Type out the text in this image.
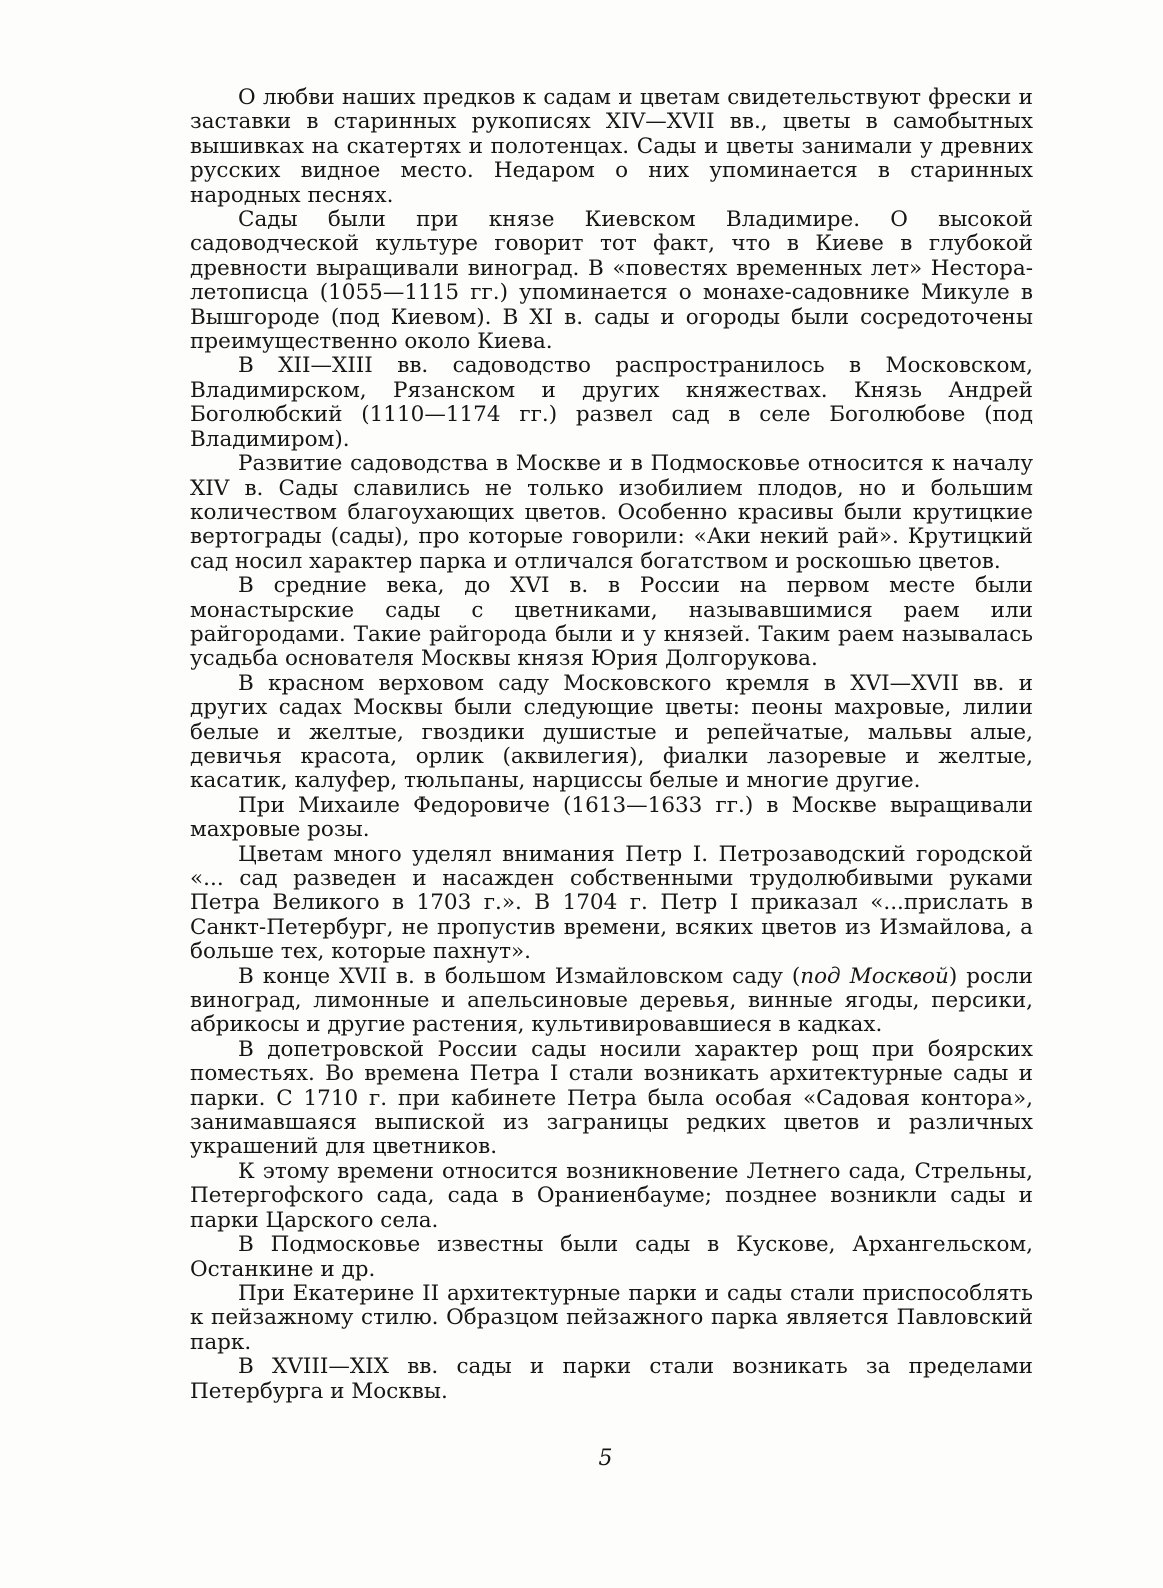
О любви наших предков к садам и цветам свидетельствуют фрески и заставки в старинных рукописях XIV—XVII вв., цветы в самобытных вышивках на скатертях и полотенцах. Сады и цветы занимали у древних русских видное место. Недаром о них упоминается в старинных народных песнях.

Сады были при князе Киевском Владимире. О высокой садоводческой культуре говорит тот факт, что в Киеве в глубокой древности выращивали виноград. В «повестях временных лет» Нестора-летописца (1055—1115 гг.) упоминается о монахе-садовнике Микуле в Вышгороде (под Киевом). В XI в. сады и огороды были сосредоточены преимущественно около Киева.

В XII—XIII вв. садоводство распространилось в Московском, Владимирском, Рязанском и других княжествах. Князь Андрей Боголюбский (1110—1174 гг.) развел сад в селе Боголюбове (под Владимиром).

Развитие садоводства в Москве и в Подмосковье относится к началу XIV в. Сады славились не только изобилием плодов, но и большим количеством благоухающих цветов. Особенно красивы были крутицкие вертограды (сады), про которые говорили: «Аки некий рай». Крутицкий сад носил характер парка и отличался богатством и роскошью цветов.

В средние века, до XVI в. в России на первом месте были монастырские сады с цветниками, называвшимися раем или райгородами. Такие райгорода были и у князей. Таким раем называлась усадьба основателя Москвы князя Юрия Долгорукова.

В красном верховом саду Московского кремля в XVI—XVII вв. и других садах Москвы были следующие цветы: пеоны махровые, лилии белые и желтые, гвоздики душистые и репейчатые, мальвы алые, девичья красота, орлик (аквилегия), фиалки лазоревые и желтые, касатик, калуфер, тюльпаны, нарциссы белые и многие другие.

При Михаиле Федоровиче (1613—1633 гг.) в Москве выращивали махровые розы.

Цветам много уделял внимания Петр I. Петрозаводский городской «... сад разведен и насажден собственными трудолюбивыми руками Петра Великого в 1703 г.». В 1704 г. Петр I приказал «...прислать в Санкт-Петербург, не пропустив времени, всяких цветов из Измайлова, а больше тех, которые пахнут».

В конце XVII в. в большом Измайловском саду (под Москвой) росли виноград, лимонные и апельсиновые деревья, винные ягоды, персики, абрикосы и другие растения, культивировавшиеся в кадках.

В допетровской России сады носили характер рощ при боярских поместьях. Во времена Петра I стали возникать архитектурные сады и парки. С 1710 г. при кабинете Петра была особая «Садовая контора», занимавшаяся выпиской из заграницы редких цветов и различных украшений для цветников.

К этому времени относится возникновение Летнего сада, Стрельны, Петергофского сада, сада в Ораниенбауме; позднее возникли сады и парки Царского села.

В Подмосковье известны были сады в Кускове, Архангельском, Останкине и др.

При Екатерине II архитектурные парки и сады стали приспособлять к пейзажному стилю. Образцом пейзажного парка является Павловский парк.

В XVIII—XIX вв. сады и парки стали возникать за пределами Петербурга и Москвы.

5
